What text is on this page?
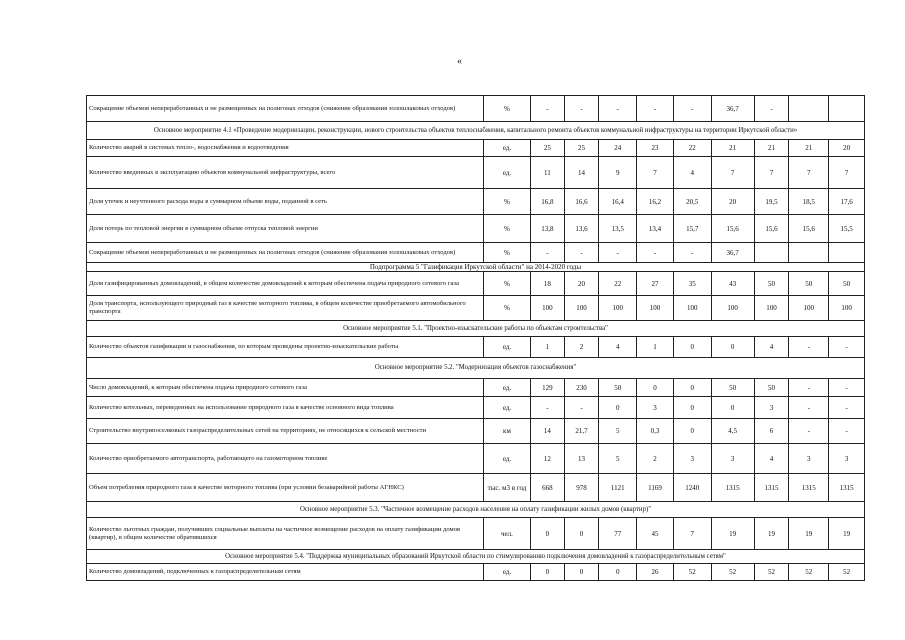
«
Сокращение объемов непереработанных и не размещенных на полигонах отходов (снижение образования золошлаковых отходов)	%	-	-	-	-	-	36,7	-		
Основное мероприятие 4.1 «Проведение модернизации, реконструкции, нового строительства объектов теплоснабжения, капитального ремонта объектов коммунальной инфраструктуры на территории Иркутской области»										
Количество аварий в системах тепло-, водоснабжения и водоотведения	ед.	25	25	24	23	22	21	21	21	20
Количество введенных в эксплуатацию объектов коммунальной инфраструктуры, всего	ед.	11	14	9	7	4	7	7	7	7
Доля утечек и неучтенного расхода воды в суммарном объеме воды, поданной в сеть	%	16,8	16,6	16,4	16,2	20,5	20	19,5	18,5	17,6
Доля потерь по тепловой энергии в суммарном объеме отпуска тепловой энергии	%	13,8	13,6	13,5	13,4	15,7	15,6	15,6	15,6	15,5
Сокращение объемов непереработанных и не размещенных на полигонах отходов (снижение образования золошлаковых отходов)	%	-	-	-	-	-	36,7			
Подпрограмма 5 "Газификация Иркутской области" на 2014-2020 годы										
Доля газифицированных домовладений, в общем количестве домовладений к которым обеспечена подача природного сетевого газа	%	18	20	22	27	35	43	50	50	50
Доля транспорта, использующего природный газ в качестве моторного топлива, в общем количестве приобретаемого автомобильного транспорта	%	100	100	100	100	100	100	100	100	100
Основное мероприятие 5.1. "Проектно-изыскательские работы по объектам строительства"										
Количество объектов газификации и газоснабжения, по которым проведены проектно-изыскательские работы	ед.	1	2	4	1	0	0	4	-	-
Основное мероприятие 5.2. "Модернизация объектов газоснабжения"										
Число домовладений, к которым обеспечена подача природного сетевого газа	ед.	129	230	50	0	0	50	50	-	-
Количество котельных, переведенных на использование природного газа в качестве основного вида топлива	ед.	-	-	0	3	0	0	3	-	-
Строительство внутрипоселковых газораспределительных сетей на территориях, не относящихся к сельской местности	км	14	21,7	5	0,3	0	4,5	6	-	-
Количество приобретаемого автотранспорта, работающего на газомоторном топливе	ед.	12	13	5	2	3	3	4	3	3
Объем потребления природного газа в качестве моторного топлива (при условии безаварийной работы АГНКС)	тыс. м3 в год	668	978	1121	1169	1240	1315	1315	1315	1315
Основное мероприятие 5.3. "Частичное возмещение расходов населения на оплату газификации жилых домов (квартир)"										
Количество льготных граждан, получивших социальные выплаты на частичное возмещение расходов на оплату газификации домов (квартир), в общем количестве обратившихся	чел.	0	0	77	45	7	19	19	19	19
Основное мероприятие 5.4. "Поддержка муниципальных образований Иркутской области по стимулированию подключения домовладений к газораспределительным сетям"										
Количество домовладений, подключенных к газораспределительным сетям	ед.	0	0	0	26	52	52	52	52	52
